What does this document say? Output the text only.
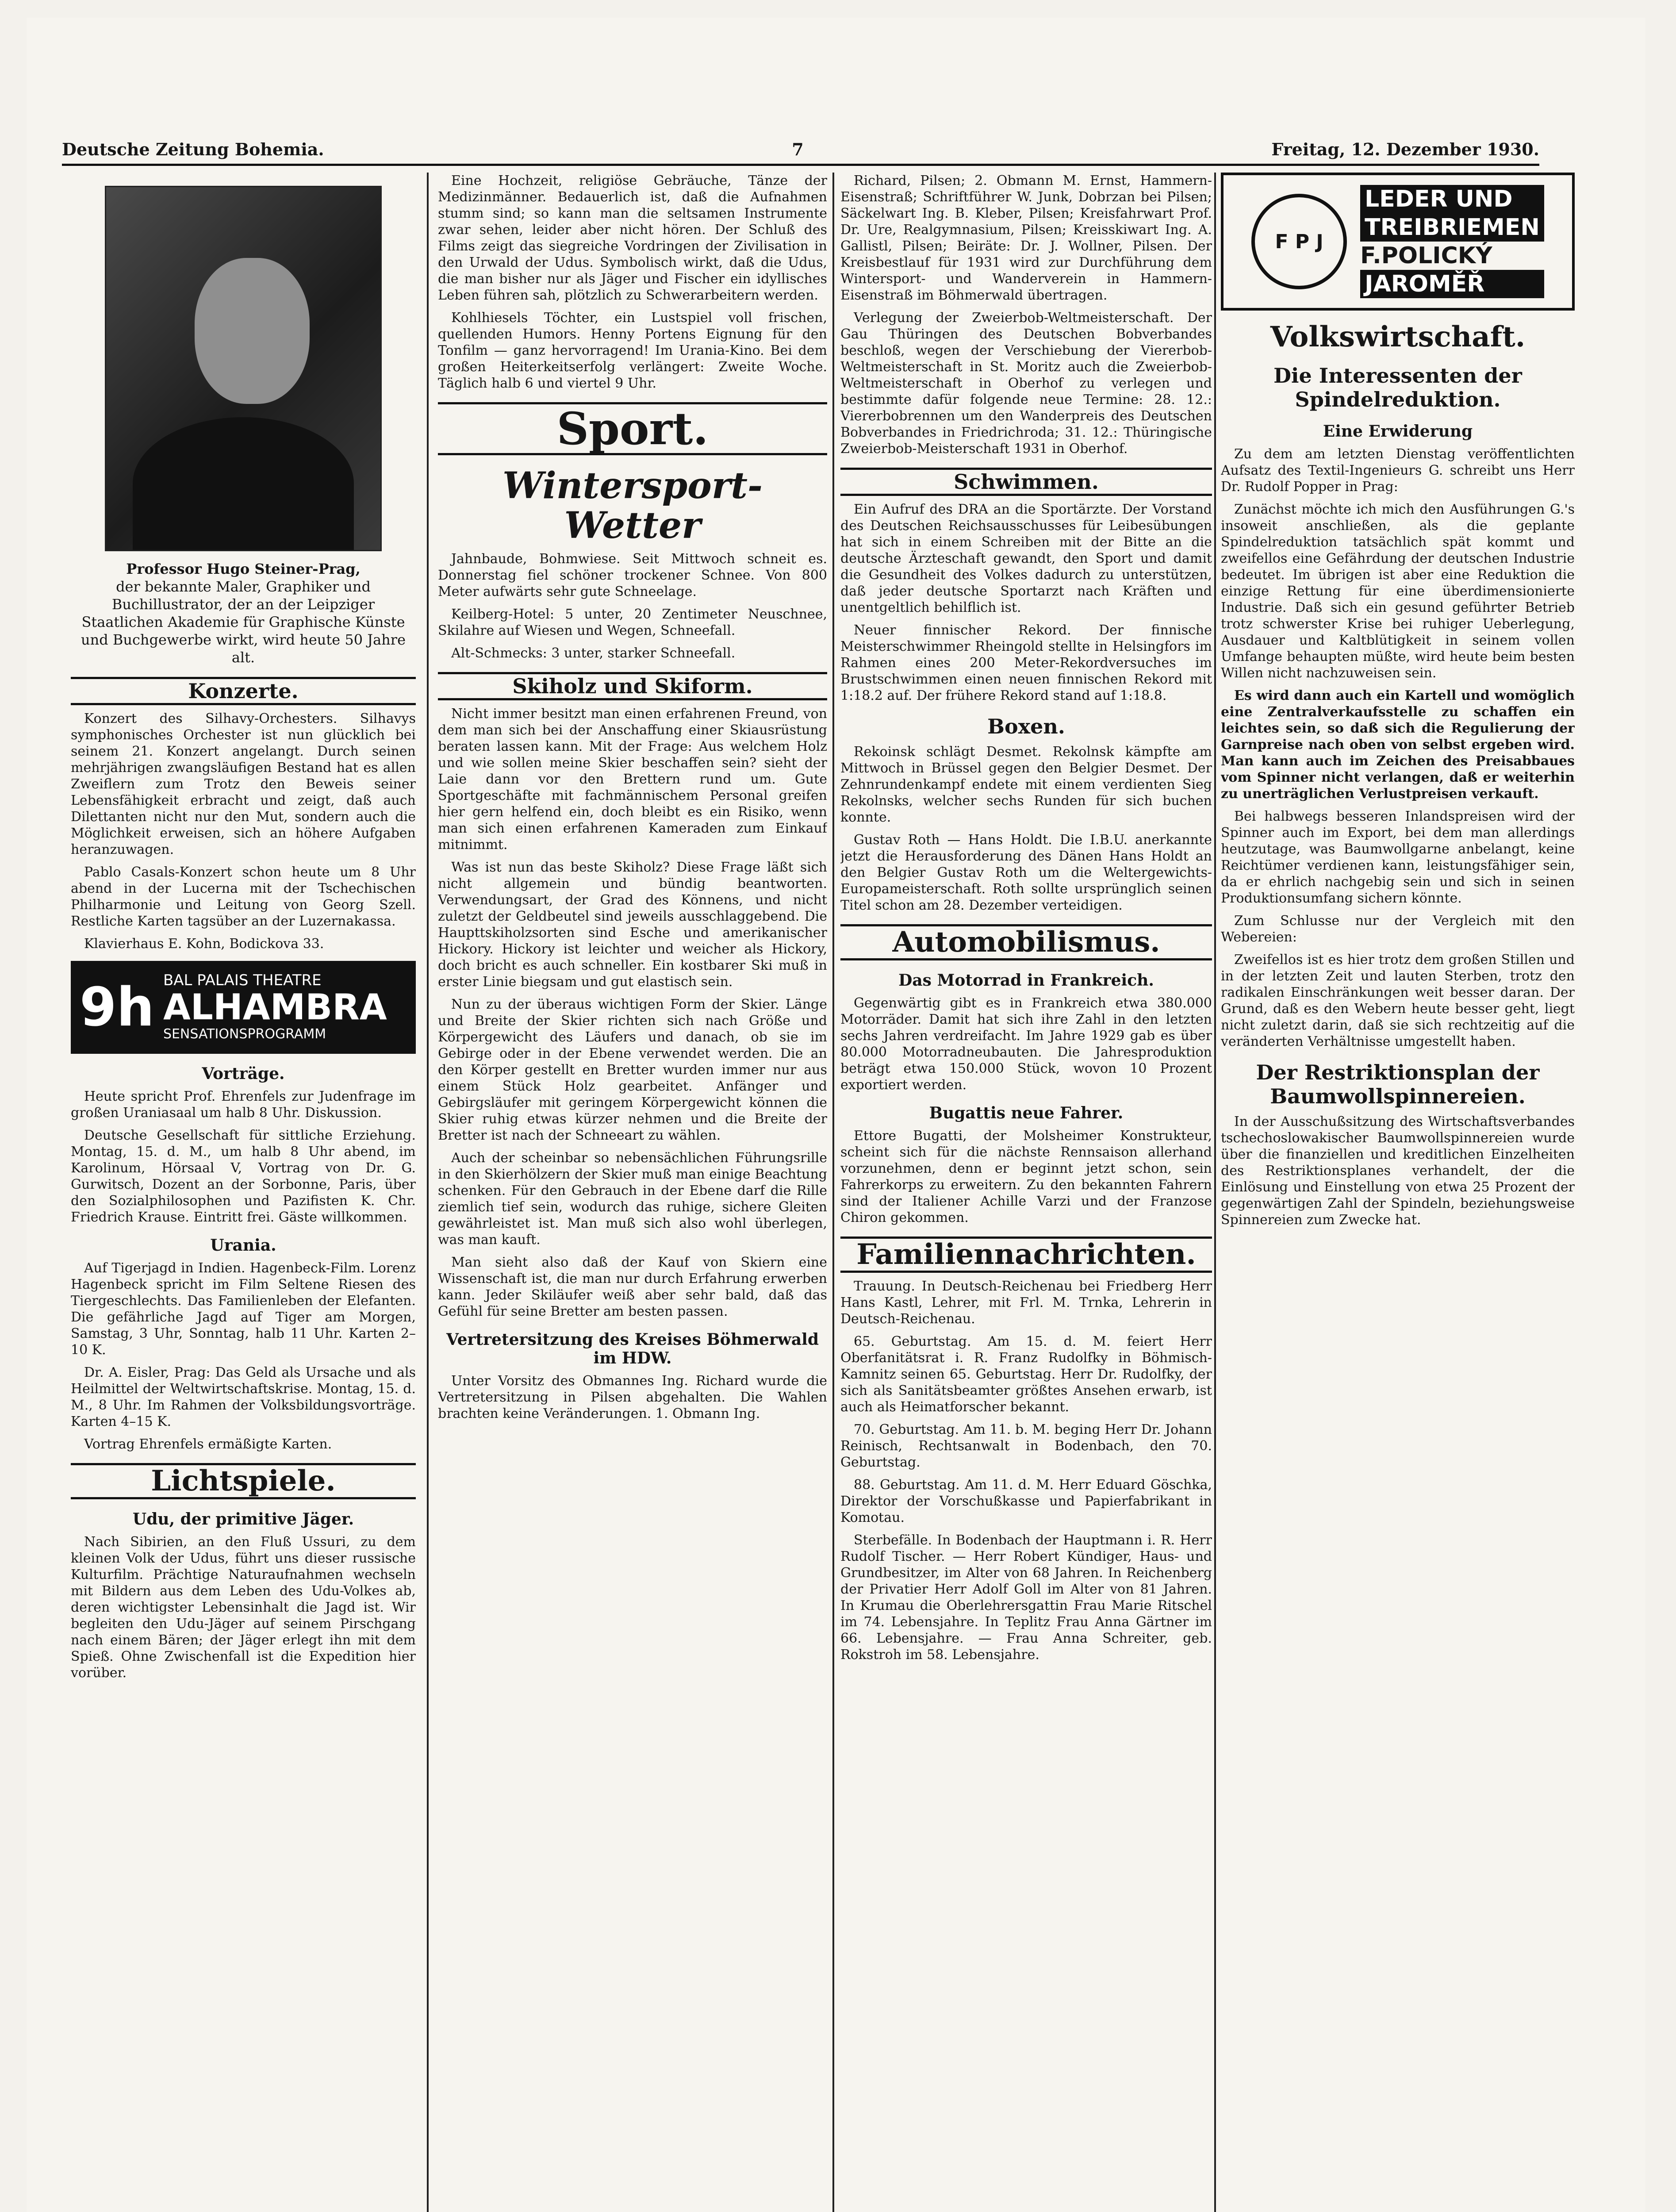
Deutsche Zeitung Bohemia.	7	Freitag, 12. Dezember 1930.
Professor Hugo Steiner-Prag,
der bekannte Maler, Graphiker und Buchillustrator, der an der Leipziger Staatlichen Akademie für Graphische Künste und Buchgewerbe wirkt, wird heute 50 Jahre alt.
Konzerte.

Konzert des Silhavy-Orchesters. Silhavys symphonisches Orchester ist nun glücklich bei seinem 21. Konzert angelangt. Durch seinen mehrjährigen zwangsläufigen Bestand hat es allen Zweiflern zum Trotz den Beweis seiner Lebensfähigkeit erbracht und zeigt, daß auch Dilettanten nicht nur den Mut, sondern auch die Möglichkeit erweisen, sich an höhere Aufgaben heranzuwagen.

Pablo Casals-Konzert schon heute um 8 Uhr abend in der Lucerna mit der Tschechischen Philharmonie und Leitung von Georg Szell. Restliche Karten tagsüber an der Luzernakassa.

Klavierhaus E. Kohn, Bodickova 33.

9h BAL PALAIS THEATRE
ALHAMBRA
SENSATIONSPROGRAMM
Vorträge.

Heute spricht Prof. Ehrenfels zur Judenfrage im großen Uraniasaal um halb 8 Uhr. Diskussion.

Deutsche Gesellschaft für sittliche Erziehung. Montag, 15. d. M., um halb 8 Uhr abend, im Karolinum, Hörsaal V, Vortrag von Dr. G. Gurwitsch, Dozent an der Sorbonne, Paris, über den Sozialphilosophen und Pazifisten K. Chr. Friedrich Krause. Eintritt frei. Gäste willkommen.

Urania.

Auf Tigerjagd in Indien. Hagenbeck-Film. Lorenz Hagenbeck spricht im Film Seltene Riesen des Tiergeschlechts. Das Familienleben der Elefanten. Die gefährliche Jagd auf Tiger am Morgen, Samstag, 3 Uhr, Sonntag, halb 11 Uhr. Karten 2–10 K.

Dr. A. Eisler, Prag: Das Geld als Ursache und als Heilmittel der Weltwirtschaftskrise. Montag, 15. d. M., 8 Uhr. Im Rahmen der Volksbildungsvorträge. Karten 4–15 K.

Vortrag Ehrenfels ermäßigte Karten.

Lichtspiele.
Udu, der primitive Jäger.

Nach Sibirien, an den Fluß Ussuri, zu dem kleinen Volk der Udus, führt uns dieser russische Kulturfilm. Prächtige Naturaufnahmen wechseln mit Bildern aus dem Leben des Udu-Volkes ab, deren wichtigster Lebensinhalt die Jagd ist. Wir begleiten den Udu-Jäger auf seinem Pirschgang nach einem Bären; der Jäger erlegt ihn mit dem Spieß. Ohne Zwischenfall ist die Expedition hier vorüber.

Eine Hochzeit, religiöse Gebräuche, Tänze der Medizinmänner. Bedauerlich ist, daß die Aufnahmen stumm sind; so kann man die seltsamen Instrumente zwar sehen, leider aber nicht hören. Der Schluß des Films zeigt das siegreiche Vordringen der Zivilisation in den Urwald der Udus. Symbolisch wirkt, daß die Udus, die man bisher nur als Jäger und Fischer ein idyllisches Leben führen sah, plötzlich zu Schwerarbeitern werden.

Kohlhiesels Töchter, ein Lustspiel voll frischen, quellenden Humors. Henny Portens Eignung für den Tonfilm — ganz hervorragend! Im Urania-Kino. Bei dem großen Heiterkeitserfolg verlängert: Zweite Woche. Täglich halb 6 und viertel 9 Uhr.

Sport.
Wintersport-Wetter

Jahnbaude, Bohmwiese. Seit Mittwoch schneit es. Donnerstag fiel schöner trockener Schnee. Von 800 Meter aufwärts sehr gute Schneelage.

Keilberg-Hotel: 5 unter, 20 Zentimeter Neuschnee, Skilahre auf Wiesen und Wegen, Schneefall.

Alt-Schmecks: 3 unter, starker Schneefall.

Skiholz und Skiform.

Nicht immer besitzt man einen erfahrenen Freund, von dem man sich bei der Anschaffung einer Skiausrüstung beraten lassen kann. Mit der Frage: Aus welchem Holz und wie sollen meine Skier beschaffen sein? sieht der Laie dann vor den Brettern rund um. Gute Sportgeschäfte mit fachmännischem Personal greifen hier gern helfend ein, doch bleibt es ein Risiko, wenn man sich einen erfahrenen Kameraden zum Einkauf mitnimmt.

Was ist nun das beste Skiholz? Diese Frage läßt sich nicht allgemein und bündig beantworten. Verwendungsart, der Grad des Könnens, und nicht zuletzt der Geldbeutel sind jeweils ausschlaggebend. Die Haupttskiholzsorten sind Esche und amerikanischer Hickory. Hickory ist leichter und weicher als Hickory, doch bricht es auch schneller. Ein kostbarer Ski muß in erster Linie biegsam und gut elastisch sein.

Nun zu der überaus wichtigen Form der Skier. Länge und Breite der Skier richten sich nach Größe und Körpergewicht des Läufers und danach, ob sie im Gebirge oder in der Ebene verwendet werden. Die an den Körper gestellt en Bretter wurden immer nur aus einem Stück Holz gearbeitet. Anfänger und Gebirgsläufer mit geringem Körpergewicht können die Skier ruhig etwas kürzer nehmen und die Breite der Bretter ist nach der Schneeart zu wählen.

Auch der scheinbar so nebensächlichen Führungsrille in den Skierhölzern der Skier muß man einige Beachtung schenken. Für den Gebrauch in der Ebene darf die Rille ziemlich tief sein, wodurch das ruhige, sichere Gleiten gewährleistet ist. Man muß sich also wohl überlegen, was man kauft.

Man sieht also daß der Kauf von Skiern eine Wissenschaft ist, die man nur durch Erfahrung erwerben kann. Jeder Skiläufer weiß aber sehr bald, daß das Gefühl für seine Bretter am besten passen.

Vertretersitzung des Kreises Böhmerwald im HDW.

Unter Vorsitz des Obmannes Ing. Richard wurde die Vertretersitzung in Pilsen abgehalten. Die Wahlen brachten keine Veränderungen. 1. Obmann Ing.

Richard, Pilsen; 2. Obmann M. Ernst, Hammern-Eisenstraß; Schriftführer W. Junk, Dobrzan bei Pilsen; Säckelwart Ing. B. Kleber, Pilsen; Kreisfahrwart Prof. Dr. Ure, Realgymnasium, Pilsen; Kreisskiwart Ing. A. Gallistl, Pilsen; Beiräte: Dr. J. Wollner, Pilsen. Der Kreisbestlauf für 1931 wird zur Durchführung dem Wintersport- und Wanderverein in Hammern-Eisenstraß im Böhmerwald übertragen.

Verlegung der Zweierbob-Weltmeisterschaft. Der Gau Thüringen des Deutschen Bobverbandes beschloß, wegen der Verschiebung der Viererbob-Weltmeisterschaft in St. Moritz auch die Zweierbob-Weltmeisterschaft in Oberhof zu verlegen und bestimmte dafür folgende neue Termine: 28. 12.: Viererbobrennen um den Wanderpreis des Deutschen Bobverbandes in Friedrichroda; 31. 12.: Thüringische Zweierbob-Meisterschaft 1931 in Oberhof.

Schwimmen.

Ein Aufruf des DRA an die Sportärzte. Der Vorstand des Deutschen Reichsausschusses für Leibesübungen hat sich in einem Schreiben mit der Bitte an die deutsche Ärzteschaft gewandt, den Sport und damit die Gesundheit des Volkes dadurch zu unterstützen, daß jeder deutsche Sportarzt nach Kräften und unentgeltlich behilflich ist.

Neuer finnischer Rekord. Der finnische Meisterschwimmer Rheingold stellte in Helsingfors im Rahmen eines 200 Meter-Rekordversuches im Brustschwimmen einen neuen finnischen Rekord mit 1:18.2 auf. Der frühere Rekord stand auf 1:18.8.

Boxen.

Rekoinsk schlägt Desmet. Rekolnsk kämpfte am Mittwoch in Brüssel gegen den Belgier Desmet. Der Zehnrundenkampf endete mit einem verdienten Sieg Rekolnsks, welcher sechs Runden für sich buchen konnte.

Gustav Roth — Hans Holdt. Die I.B.U. anerkannte jetzt die Herausforderung des Dänen Hans Holdt an den Belgier Gustav Roth um die Weltergewichts-Europameisterschaft. Roth sollte ursprünglich seinen Titel schon am 28. Dezember verteidigen.

Automobilismus.
Das Motorrad in Frankreich.

Gegenwärtig gibt es in Frankreich etwa 380.000 Motorräder. Damit hat sich ihre Zahl in den letzten sechs Jahren verdreifacht. Im Jahre 1929 gab es über 80.000 Motorradneubauten. Die Jahresproduktion beträgt etwa 150.000 Stück, wovon 10 Prozent exportiert werden.

Bugattis neue Fahrer.

Ettore Bugatti, der Molsheimer Konstrukteur, scheint sich für die nächste Rennsaison allerhand vorzunehmen, denn er beginnt jetzt schon, sein Fahrerkorps zu erweitern. Zu den bekannten Fahrern sind der Italiener Achille Varzi und der Franzose Chiron gekommen.

Familiennachrichten.

Trauung. In Deutsch-Reichenau bei Friedberg Herr Hans Kastl, Lehrer, mit Frl. M. Trnka, Lehrerin in Deutsch-Reichenau.

65. Geburtstag. Am 15. d. M. feiert Herr Oberfanitätsrat i. R. Franz Rudolfky in Böhmisch-Kamnitz seinen 65. Geburtstag. Herr Dr. Rudolfky, der sich als Sanitätsbeamter größtes Ansehen erwarb, ist auch als Heimatforscher bekannt.

70. Geburtstag. Am 11. b. M. beging Herr Dr. Johann Reinisch, Rechtsanwalt in Bodenbach, den 70. Geburtstag.

88. Geburtstag. Am 11. d. M. Herr Eduard Göschka, Direktor der Vorschußkasse und Papierfabrikant in Komotau.

Sterbefälle. In Bodenbach der Hauptmann i. R. Herr Rudolf Tischer. — Herr Robert Kündiger, Haus- und Grundbesitzer, im Alter von 68 Jahren. In Reichenberg der Privatier Herr Adolf Goll im Alter von 81 Jahren. In Krumau die Oberlehrersgattin Frau Marie Ritschel im 74. Lebensjahre. In Teplitz Frau Anna Gärtner im 66. Lebensjahre. — Frau Anna Schreiter, geb. Rokstroh im 58. Lebensjahre.

F P J
LEDER UND
TREIBRIEMEN
F.POLICKÝ
JAROMĚŘ
Volkswirtschaft.
Die Interessenten der Spindelreduktion.
Eine Erwiderung

Zu dem am letzten Dienstag veröffentlichten Aufsatz des Textil-Ingenieurs G. schreibt uns Herr Dr. Rudolf Popper in Prag:

Zunächst möchte ich mich den Ausführungen G.'s insoweit anschließen, als die geplante Spindelreduktion tatsächlich spät kommt und zweifellos eine Gefährdung der deutschen Industrie bedeutet. Im übrigen ist aber eine Reduktion die einzige Rettung für eine überdimensionierte Industrie. Daß sich ein gesund geführter Betrieb trotz schwerster Krise bei ruhiger Ueberlegung, Ausdauer und Kaltblütigkeit in seinem vollen Umfange behaupten müßte, wird heute beim besten Willen nicht nachzuweisen sein.

Es wird dann auch ein Kartell und womöglich eine Zentralverkaufsstelle zu schaffen ein leichtes sein, so daß sich die Regulierung der Garnpreise nach oben von selbst ergeben wird. Man kann auch im Zeichen des Preisabbaues vom Spinner nicht verlangen, daß er weiterhin zu unerträglichen Verlustpreisen verkauft.

Bei halbwegs besseren Inlandspreisen wird der Spinner auch im Export, bei dem man allerdings heutzutage, was Baumwollgarne anbelangt, keine Reichtümer verdienen kann, leistungsfähiger sein, da er ehrlich nachgebig sein und sich in seinen Produktionsumfang sichern könnte.

Zum Schlusse nur der Vergleich mit den Webereien:

Zweifellos ist es hier trotz dem großen Stillen und in der letzten Zeit und lauten Sterben, trotz den radikalen Einschränkungen weit besser daran. Der Grund, daß es den Webern heute besser geht, liegt nicht zuletzt darin, daß sie sich rechtzeitig auf die veränderten Verhältnisse umgestellt haben.

Der Restriktionsplan der Baumwollspinnereien.

In der Ausschußsitzung des Wirtschaftsverbandes tschechoslowakischer Baumwollspinnereien wurde über die finanziellen und kreditlichen Einzelheiten des Restriktionsplanes verhandelt, der die Einlösung und Einstellung von etwa 25 Prozent der gegenwärtigen Zahl der Spindeln, beziehungsweise Spinnereien zum Zwecke hat.
